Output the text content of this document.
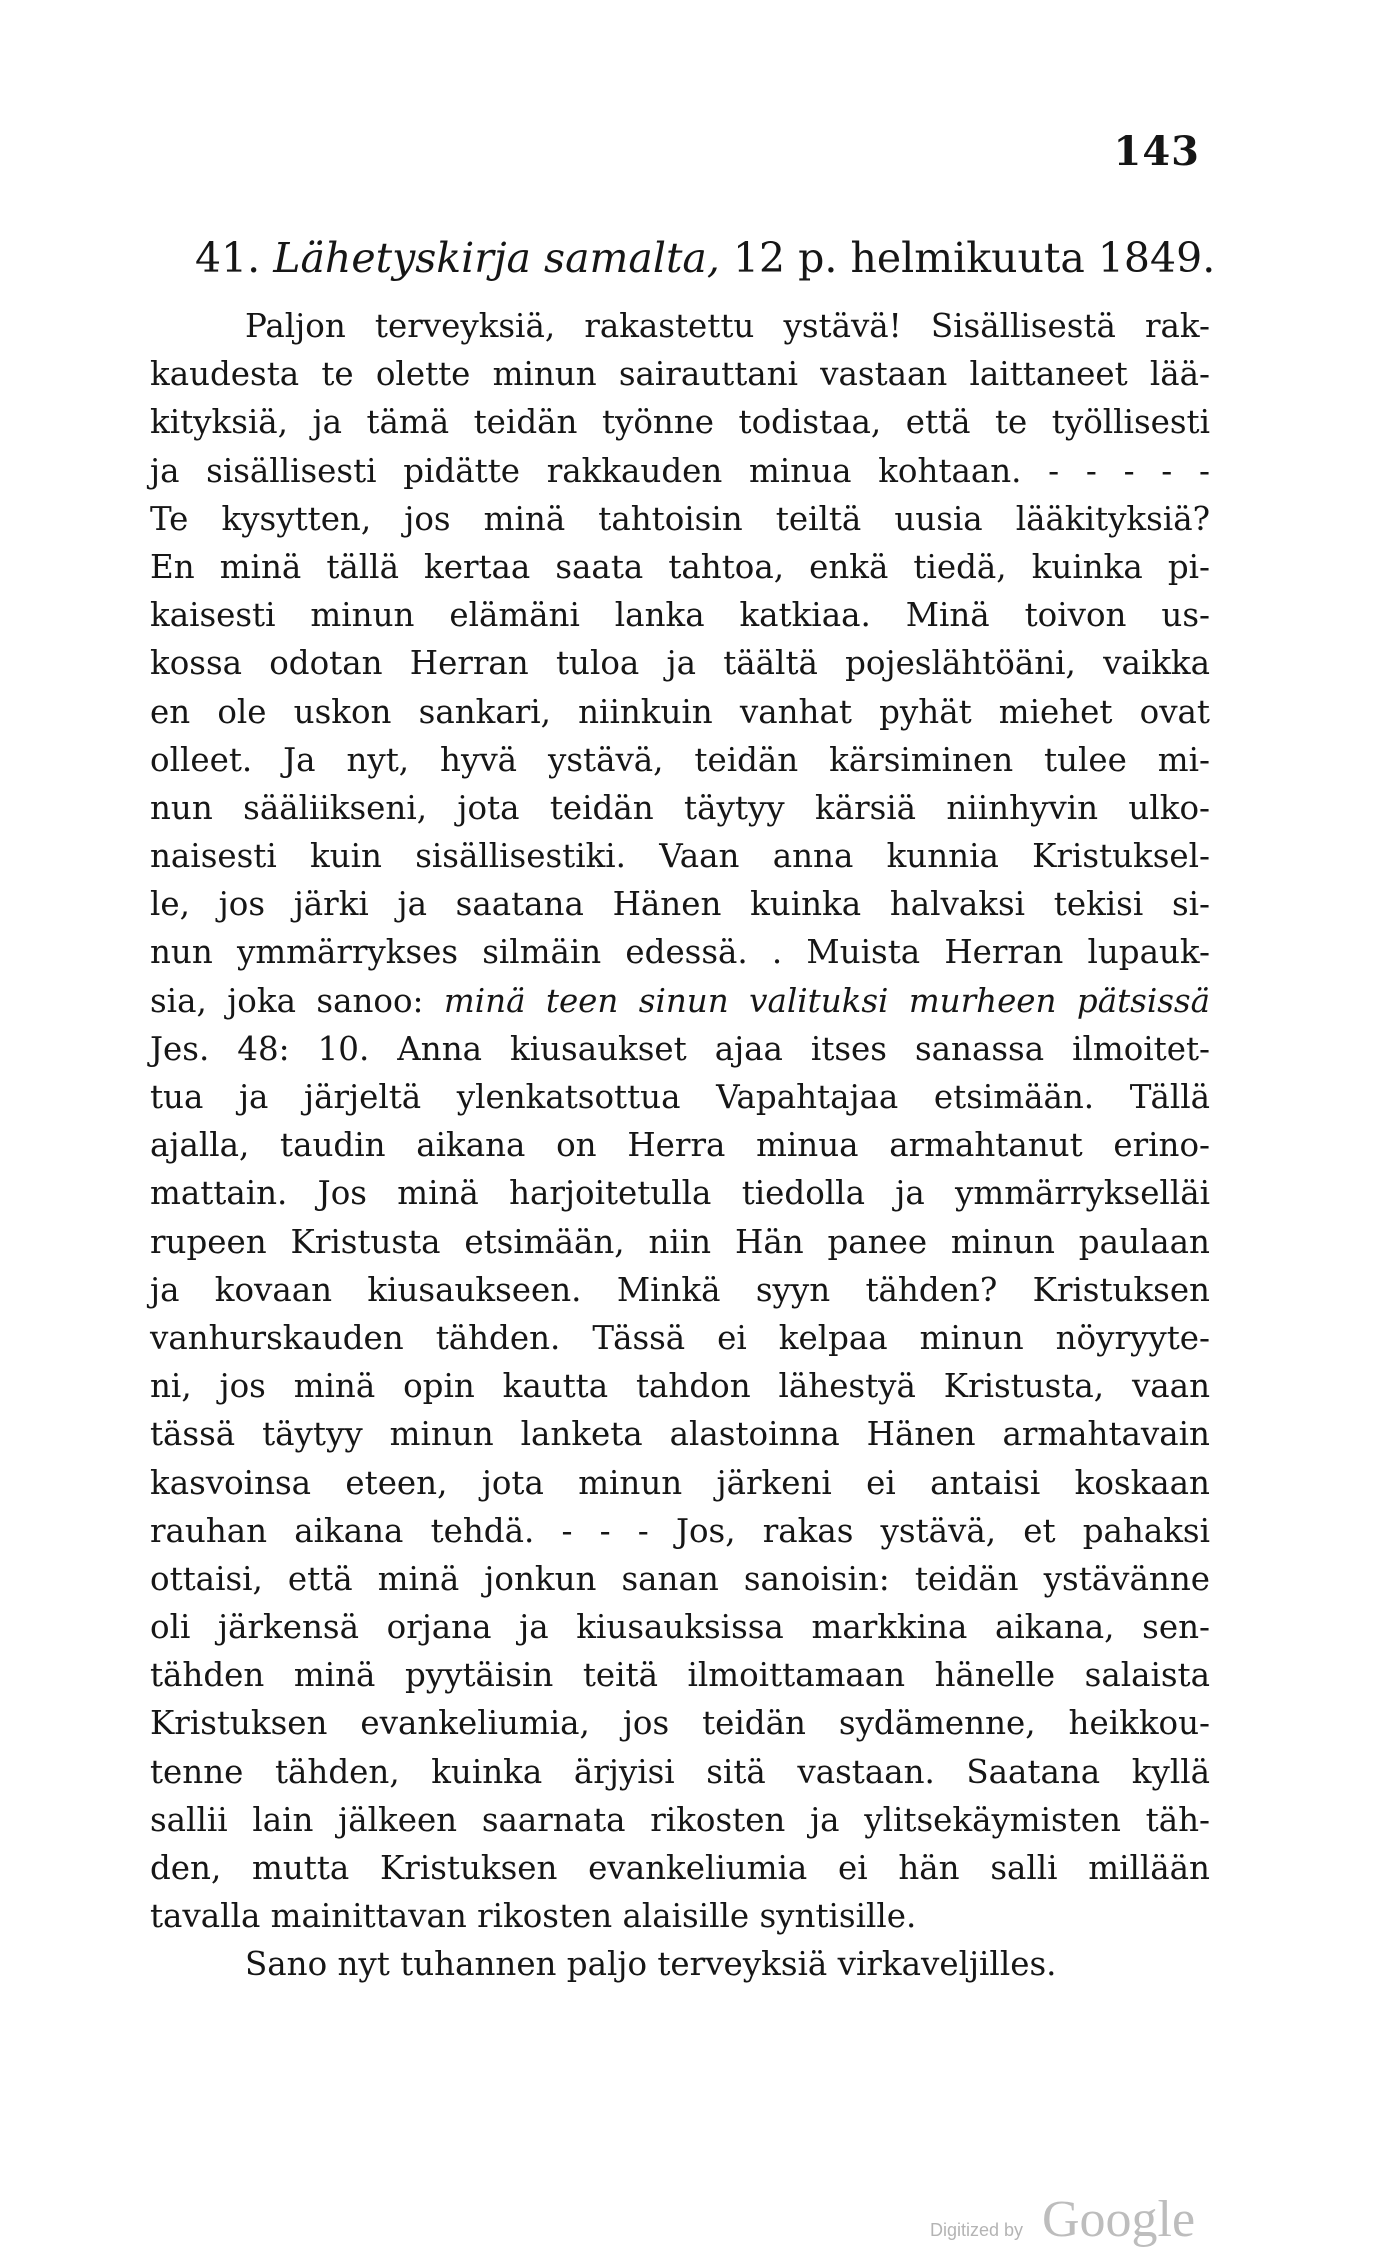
143
41. Lähetyskirja samalta, 12 p. helmikuuta 1849.
Paljon terveyksiä, rakastettu ystävä! Sisällisestä rak-
kaudesta te olette minun sairauttani vastaan laittaneet lää-
kityksiä, ja tämä teidän työnne todistaa, että te työllisesti
ja sisällisesti pidätte rakkauden minua kohtaan. - - - - -
Te kysytten, jos minä tahtoisin teiltä uusia lääkityksiä?
En minä tällä kertaa saata tahtoa, enkä tiedä, kuinka pi-
kaisesti minun elämäni lanka katkiaa. Minä toivon us-
kossa odotan Herran tuloa ja täältä pojeslähtöäni, vaikka
en ole uskon sankari, niinkuin vanhat pyhät miehet ovat
olleet. Ja nyt, hyvä ystävä, teidän kärsiminen tulee mi-
nun sääliikseni, jota teidän täytyy kärsiä niinhyvin ulko-
naisesti kuin sisällisestiki. Vaan anna kunnia Kristuksel-
le, jos järki ja saatana Hänen kuinka halvaksi tekisi si-
nun ymmärrykses silmäin edessä. . Muista Herran lupauk-
sia, joka sanoo: minä teen sinun valituksi murheen pätsissä
Jes. 48: 10. Anna kiusaukset ajaa itses sanassa ilmoitet-
tua ja järjeltä ylenkatsottua Vapahtajaa etsimään. Tällä
ajalla, taudin aikana on Herra minua armahtanut erino-
mattain. Jos minä harjoitetulla tiedolla ja ymmärrykselläi
rupeen Kristusta etsimään, niin Hän panee minun paulaan
ja kovaan kiusaukseen. Minkä syyn tähden? Kristuksen
vanhurskauden tähden. Tässä ei kelpaa minun nöyryyte-
ni, jos minä opin kautta tahdon lähestyä Kristusta, vaan
tässä täytyy minun lanketa alastoinna Hänen armahtavain
kasvoinsa eteen, jota minun järkeni ei antaisi koskaan
rauhan aikana tehdä. - - - Jos, rakas ystävä, et pahaksi
ottaisi, että minä jonkun sanan sanoisin: teidän ystävänne
oli järkensä orjana ja kiusauksissa markkina aikana, sen-
tähden minä pyytäisin teitä ilmoittamaan hänelle salaista
Kristuksen evankeliumia, jos teidän sydämenne, heikkou-
tenne tähden, kuinka ärjyisi sitä vastaan. Saatana kyllä
sallii lain jälkeen saarnata rikosten ja ylitsekäymisten täh-
den, mutta Kristuksen evankeliumia ei hän salli millään
tavalla mainittavan rikosten alaisille syntisille.
Sano nyt tuhannen paljo terveyksiä virkaveljilles.
Digitized by Google
